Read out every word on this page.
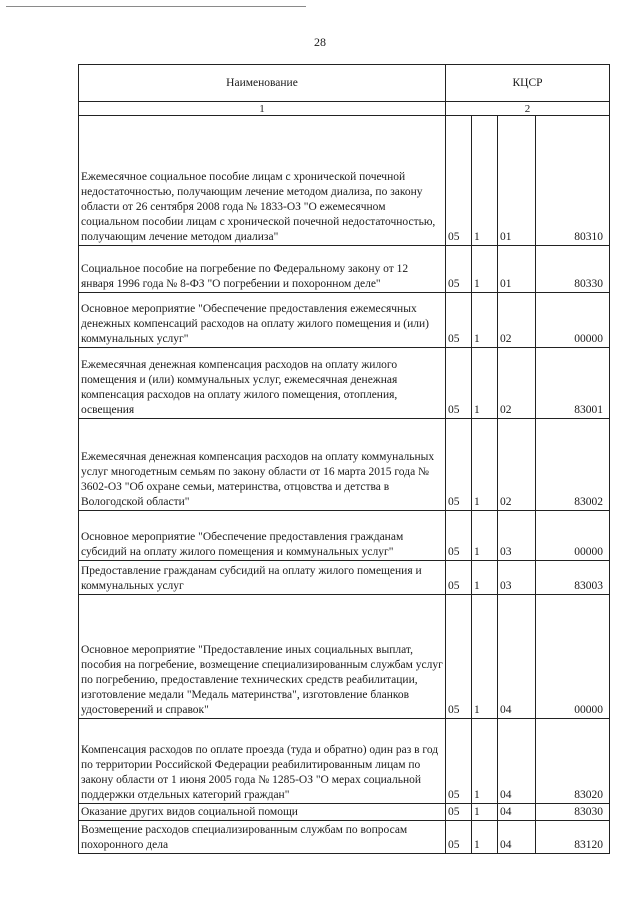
28
Наименование	КЦСР			
1	2			
Ежемесячное социальное пособие лицам с хронической почечной недостаточностью, получающим лечение методом диализа, по закону области от 26 сентября 2008 года № 1833-ОЗ "О ежемесячном социальном пособии лицам с хронической почечной недостаточностью, получающим лечение методом диализа"	05	1	01	80310
Социальное пособие на погребение по Федеральному закону от 12 января 1996 года № 8-ФЗ "О погребении и похоронном деле"	05	1	01	80330
Основное мероприятие "Обеспечение предоставления ежемесячных денежных компенсаций расходов на оплату жилого помещения и (или) коммунальных услуг"	05	1	02	00000
Ежемесячная денежная компенсация расходов на оплату жилого помещения и (или) коммунальных услуг, ежемесячная денежная компенсация расходов на оплату жилого помещения, отопления, освещения	05	1	02	83001
Ежемесячная денежная компенсация расходов на оплату коммунальных услуг многодетным семьям по закону области от 16 марта 2015 года № 3602-ОЗ "Об охране семьи, материнства, отцовства и детства в Вологодской области"	05	1	02	83002
Основное мероприятие "Обеспечение предоставления гражданам субсидий на оплату жилого помещения и коммунальных услуг"	05	1	03	00000
Предоставление гражданам субсидий на оплату жилого помещения и коммунальных услуг	05	1	03	83003
Основное мероприятие "Предоставление иных социальных выплат, пособия на погребение, возмещение специализированным службам услуг по погребению, предоставление технических средств реабилитации, изготовление медали "Медаль материнства", изготовление бланков удостоверений и справок"	05	1	04	00000
Компенсация расходов по оплате проезда (туда и обратно) один раз в год по территории Российской Федерации реабилитированным лицам по закону области от 1 июня 2005 года № 1285-ОЗ "О мерах социальной поддержки отдельных категорий граждан"	05	1	04	83020
Оказание других видов социальной помощи	05	1	04	83030
Возмещение расходов специализированным службам по вопросам похоронного дела	05	1	04	83120
